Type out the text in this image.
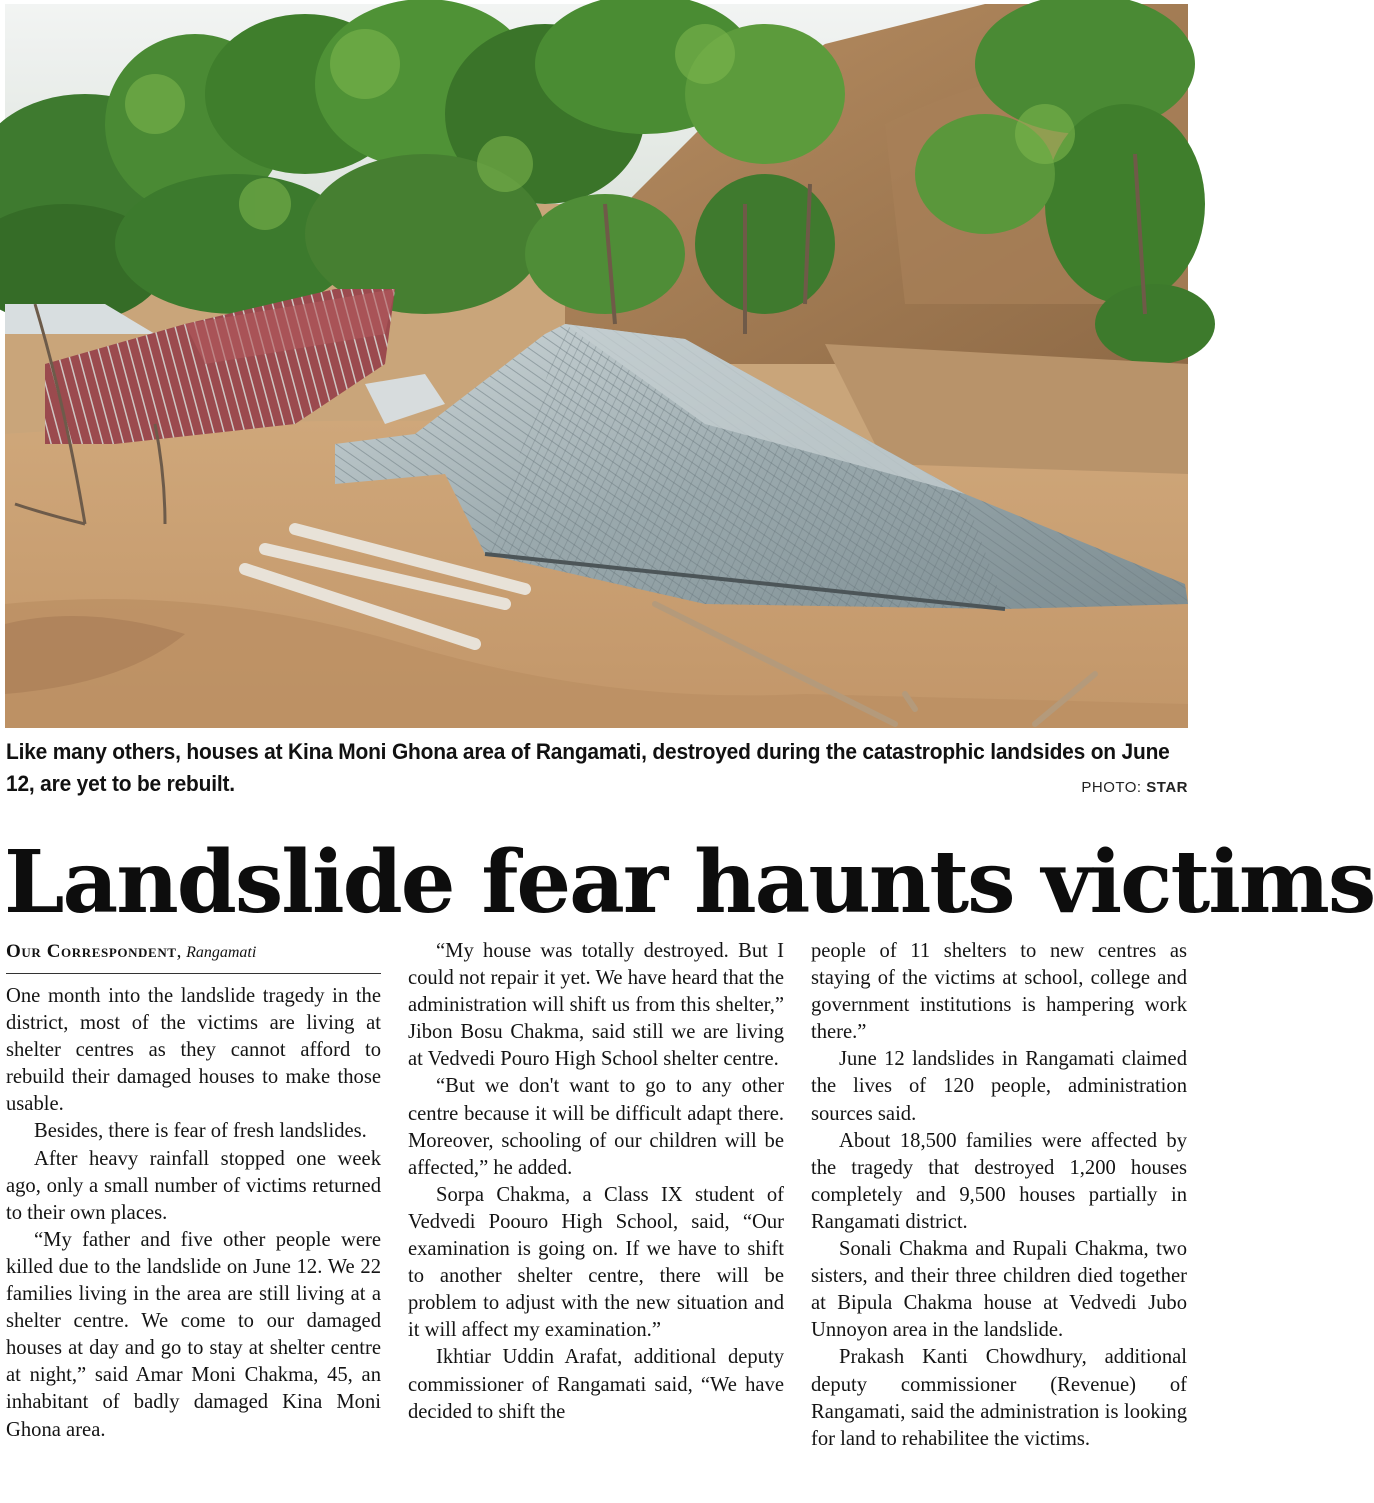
Like many others, houses at Kina Moni Ghona area of Rangamati, destroyed during the catastrophic landsides on June 12, are yet to be rebuilt.	PHOTO: STAR
Landslide fear haunts victims
Our Correspondent, Rangamati

One month into the landslide tragedy in the district, most of the victims are living at shelter centres as they cannot afford to rebuild their damaged houses to make those usable.

Besides, there is fear of fresh landslides.

After heavy rainfall stopped one week ago, only a small number of victims returned to their own places.

“My father and five other people were killed due to the landslide on June 12. We 22 families living in the area are still living at a shelter centre. We come to our damaged houses at day and go to stay at shelter centre at night,” said Amar Moni Chakma, 45, an inhabitant of badly damaged Kina Moni Ghona area.

“My house was totally destroyed. But I could not repair it yet. We have heard that the administration will shift us from this shelter,” Jibon Bosu Chakma, said still we are living at Vedvedi Pouro High School shelter centre.

“But we don't want to go to any other centre because it will be difficult adapt there. Moreover, schooling of our children will be affected,” he added.

Sorpa Chakma, a Class IX student of Vedvedi Poouro High School, said, “Our examination is going on. If we have to shift to another shelter centre, there will be problem to adjust with the new situation and it will affect my examination.”

Ikhtiar Uddin Arafat, additional deputy commissioner of Rangamati said, “We have decided to shift the

people of 11 shelters to new centres as staying of the victims at school, college and government institutions is hampering work there.”

June 12 landslides in Rangamati claimed the lives of 120 people, administration sources said.

About 18,500 families were affected by the tragedy that destroyed 1,200 houses completely and 9,500 houses partially in Rangamati district.

Sonali Chakma and Rupali Chakma, two sisters, and their three children died together at Bipula Chakma house at Vedvedi Jubo Unnoyon area in the landslide.

Prakash Kanti Chowdhury, additional deputy commissioner (Revenue) of Rangamati, said the administration is looking for land to rehabilitee the victims.
